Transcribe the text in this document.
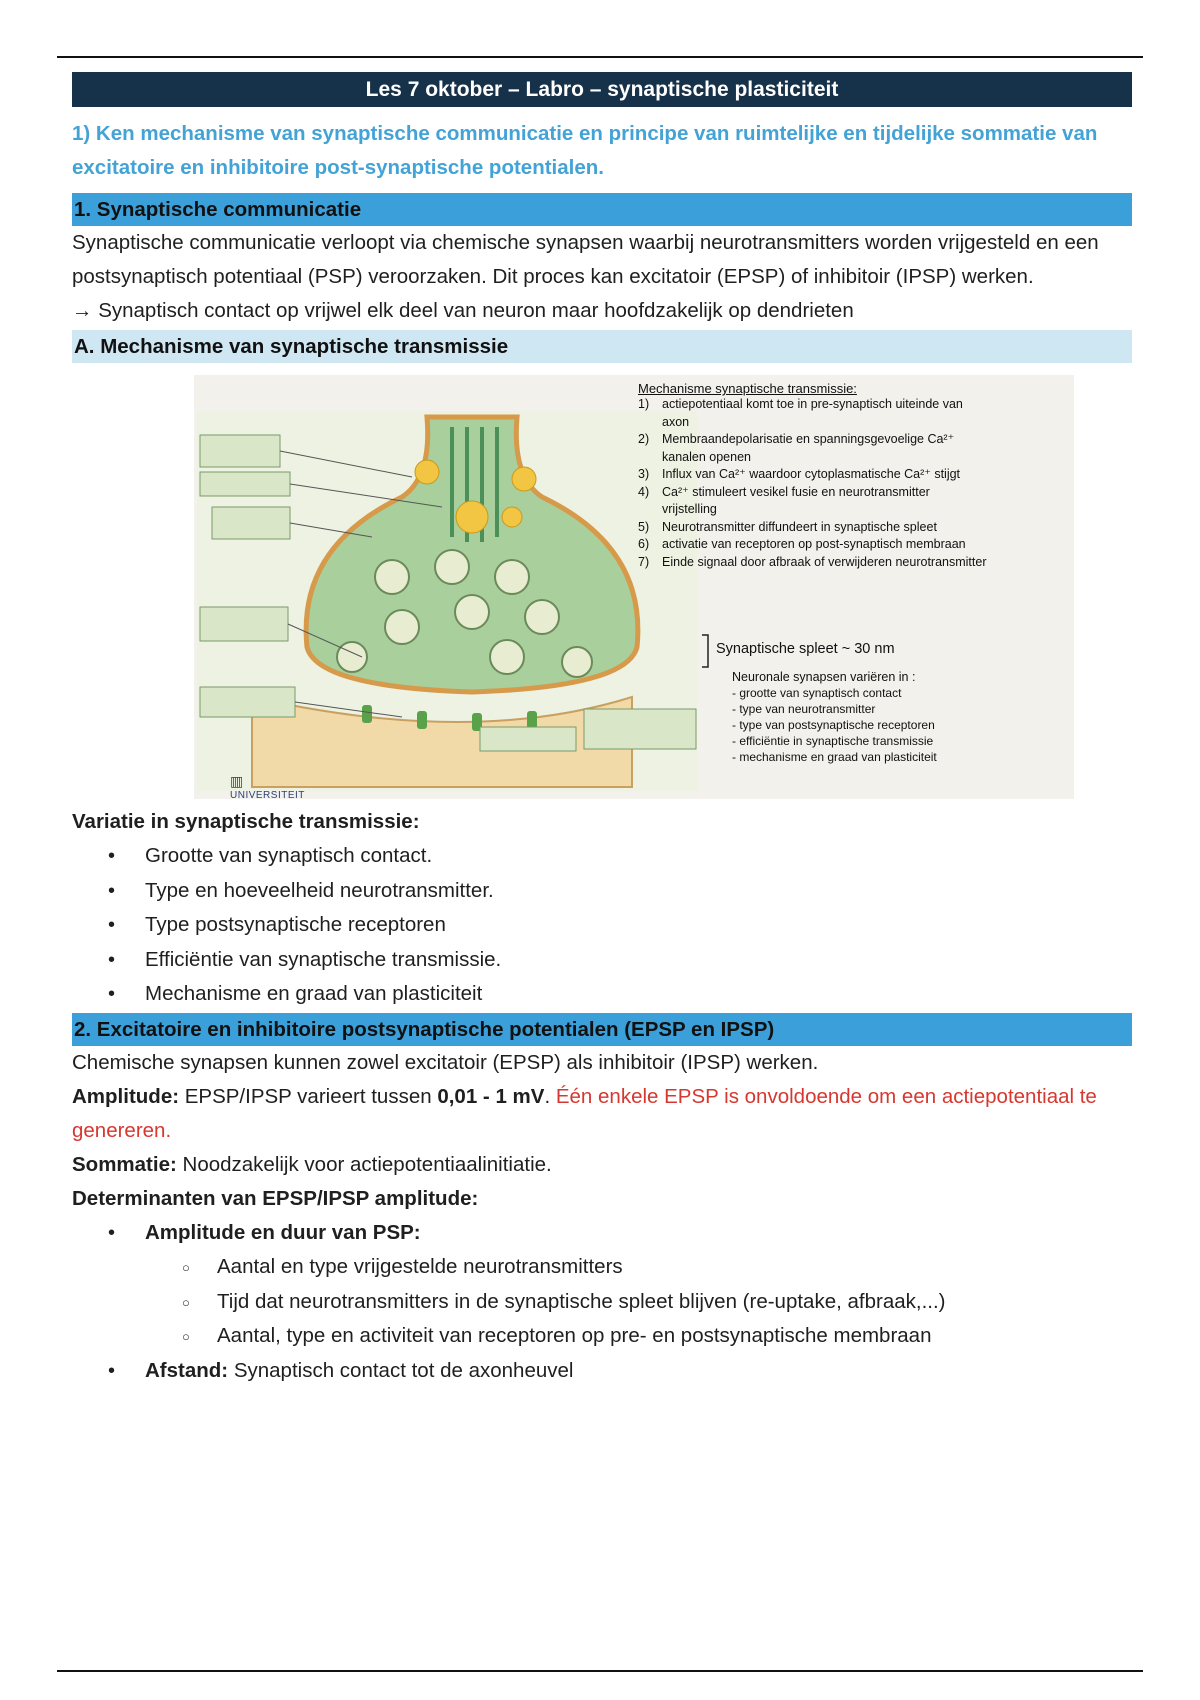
Les 7 oktober – Labro – synaptische plasticiteit
1) Ken mechanisme van synaptische communicatie en principe van ruimtelijke en tijdelijke sommatie van excitatoire en inhibitoire post-synaptische potentialen.
1. Synaptische communicatie

Synaptische communicatie verloopt via chemische synapsen waarbij neurotransmitters worden vrijgesteld en een postsynaptisch potentiaal (PSP) veroorzaken. Dit proces kan excitatoir (EPSP) of inhibitoir (IPSP) werken.

→ Synaptisch contact op vrijwel elk deel van neuron maar hoofdzakelijk op dendrieten

A. Mechanisme van synaptische transmissie
▥
UNIVERSITEIT
Mechanisme synaptische transmissie:
1) actiepotentiaal komt toe in pre-synaptisch uiteinde van axon
2) Membraandepolarisatie en spanningsgevoelige Ca²⁺ kanalen openen
3) Influx van Ca²⁺ waardoor cytoplasmatische Ca²⁺ stijgt
4) Ca²⁺ stimuleert vesikel fusie en neurotransmitter vrijstelling
5) Neurotransmitter diffundeert in synaptische spleet
6) activatie van receptoren op post-synaptisch membraan
7) Einde signaal door afbraak of verwijderen neurotransmitter
Synaptische spleet ~ 30 nm
Neuronale synapsen variëren in :
- grootte van synaptisch contact
- type van neurotransmitter
- type van postsynaptische receptoren
- efficiëntie in synaptische transmissie
- mechanisme en graad van plasticiteit

Variatie in synaptische transmissie:

• Grootte van synaptisch contact.
• Type en hoeveelheid neurotransmitter.
• Type postsynaptische receptoren
• Efficiëntie van synaptische transmissie.
• Mechanisme en graad van plasticiteit
2. Excitatoire en inhibitoire postsynaptische potentialen (EPSP en IPSP)

Chemische synapsen kunnen zowel excitatoir (EPSP) als inhibitoir (IPSP) werken.

Amplitude: EPSP/IPSP varieert tussen 0,01 - 1 mV. Één enkele EPSP is onvoldoende om een actiepotentiaal te genereren.

Sommatie: Noodzakelijk voor actiepotentiaalinitiatie.

Determinanten van EPSP/IPSP amplitude:

• Amplitude en duur van PSP:
○ Aantal en type vrijgestelde neurotransmitters
○ Tijd dat neurotransmitters in de synaptische spleet blijven (re-uptake, afbraak,...)
○ Aantal, type en activiteit van receptoren op pre- en postsynaptische membraan
• Afstand: Synaptisch contact tot de axonheuvel
